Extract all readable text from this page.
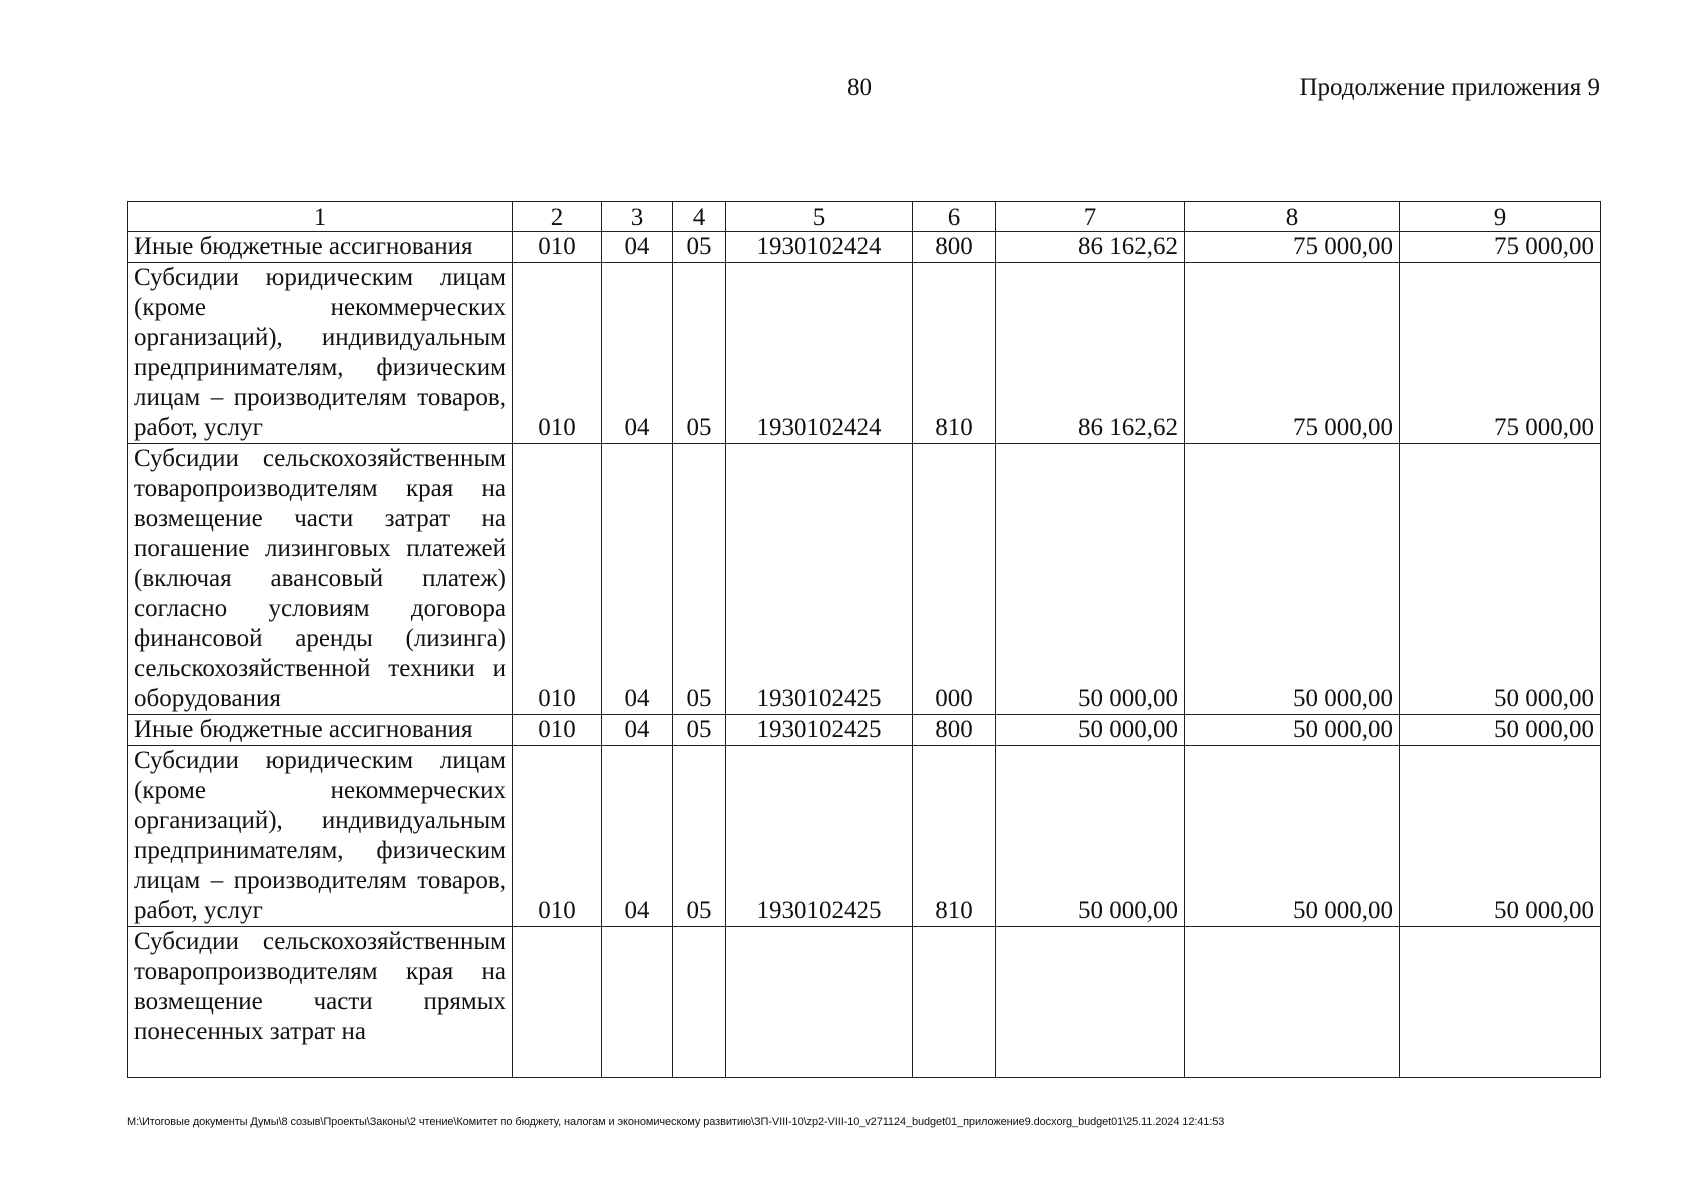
80	Продолжение приложения 9
1	2	3	4	5	6	7	8	9
Иные бюджетные ассигнования	010	04	05	1930102424	800	86 162,62	75 000,00	75 000,00
Субсидии юридическим лицам (кроме некоммерческих организаций), индивидуальным предпринимателям, физическим лицам – производителям товаров, работ, услуг	010	04	05	1930102424	810	86 162,62	75 000,00	75 000,00
Субсидии сельскохозяйственным товаропроизводителям края на возмещение части затрат на погашение лизинговых платежей (включая авансовый платеж) согласно условиям договора финансовой аренды (лизинга) сельскохозяйственной техники и оборудования	010	04	05	1930102425	000	50 000,00	50 000,00	50 000,00
Иные бюджетные ассигнования	010	04	05	1930102425	800	50 000,00	50 000,00	50 000,00
Субсидии юридическим лицам (кроме некоммерческих организаций), индивидуальным предпринимателям, физическим лицам – производителям товаров, работ, услуг	010	04	05	1930102425	810	50 000,00	50 000,00	50 000,00
Субсидии сельскохозяйственным товаропроизводителям края на возмещение части прямых понесенных затрат на								
M:\Итоговые документы Думы\8 созыв\Проекты\Законы\2 чтение\Комитет по бюджету, налогам и экономическому развитию\ЗП-VIII-10\zp2-VIII-10_v271124_budget01_приложение9.docxorg_budget01\25.11.2024 12:41:53
